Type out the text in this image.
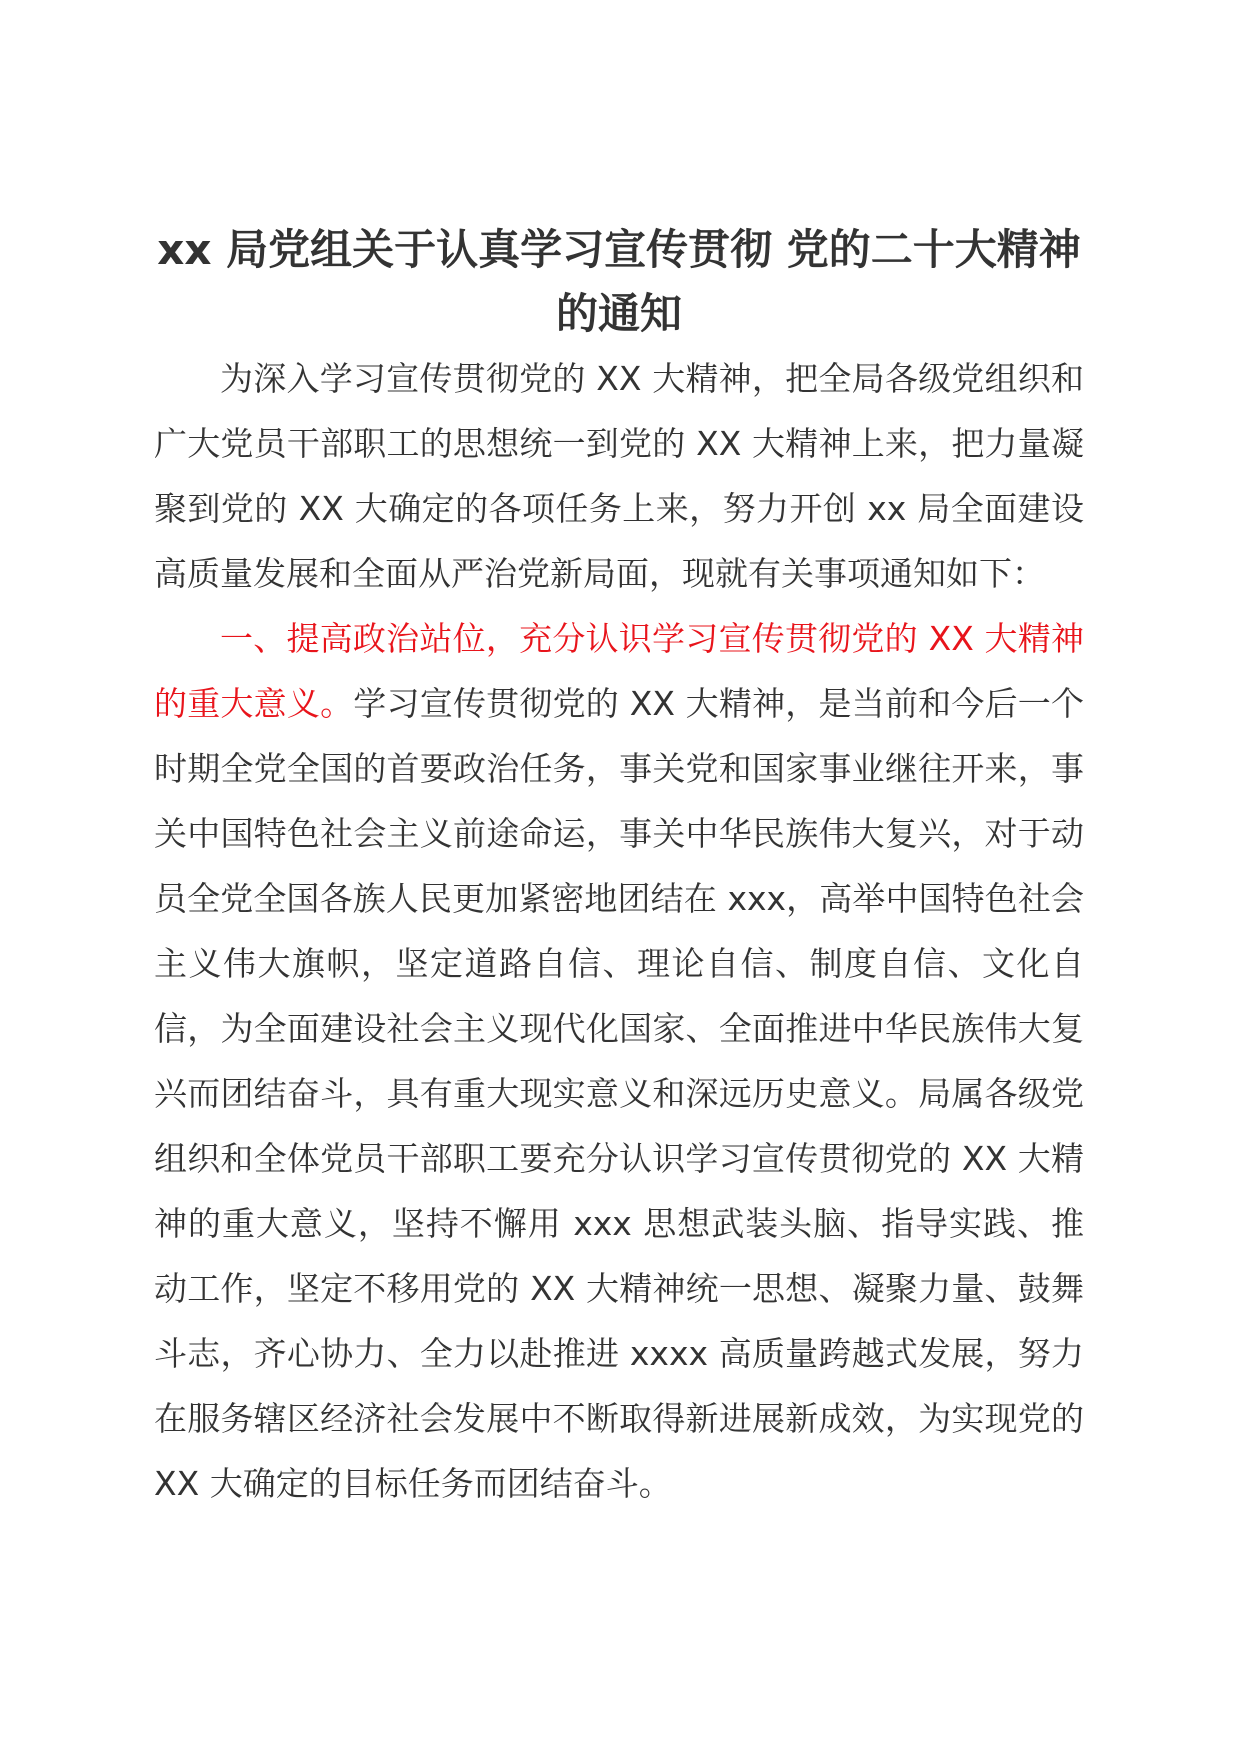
xx 局党组关于认真学习宣传贯彻 党的二十大精神的通知

为深入学习宣传贯彻党的 XX 大精神，把全局各级党组织和广大党员干部职工的思想统一到党的 XX 大精神上来，把力量凝聚到党的 XX 大确定的各项任务上来，努力开创 xx 局全面建设高质量发展和全面从严治党新局面，现就有关事项通知如下：

一、提高政治站位，充分认识学习宣传贯彻党的 XX 大精神的重大意义。学习宣传贯彻党的 XX 大精神，是当前和今后一个时期全党全国的首要政治任务，事关党和国家事业继往开来，事关中国特色社会主义前途命运，事关中华民族伟大复兴，对于动员全党全国各族人民更加紧密地团结在 xxx，高举中国特色社会主义伟大旗帜，坚定道路自信、理论自信、制度自信、文化自信，为全面建设社会主义现代化国家、全面推进中华民族伟大复兴而团结奋斗，具有重大现实意义和深远历史意义。局属各级党组织和全体党员干部职工要充分认识学习宣传贯彻党的 XX 大精神的重大意义，坚持不懈用 xxx 思想武装头脑、指导实践、推动工作，坚定不移用党的 XX 大精神统一思想、凝聚力量、鼓舞斗志，齐心协力、全力以赴推进 xxxx 高质量跨越式发展，努力在服务辖区经济社会发展中不断取得新进展新成效，为实现党的 XX 大确定的目标任务而团结奋斗。
